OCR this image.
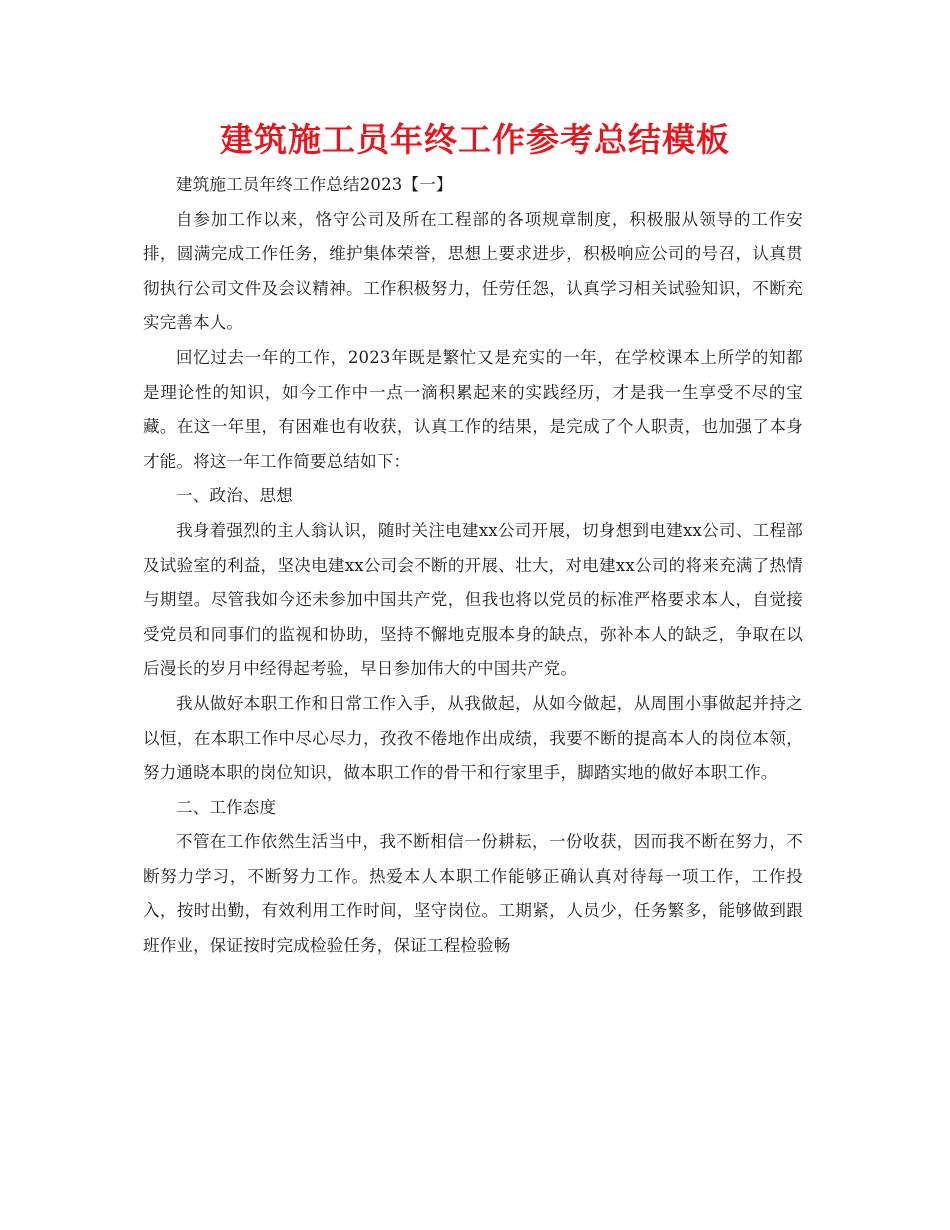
建筑施工员年终工作参考总结模板

建筑施工员年终工作总结2023【一】

自参加工作以来，恪守公司及所在工程部的各项规章制度，积极服从领导的工作安排，圆满完成工作任务，维护集体荣誉，思想上要求进步，积极响应公司的号召，认真贯彻执行公司文件及会议精神。工作积极努力，任劳任怨，认真学习相关试验知识，不断充实完善本人。

回忆过去一年的工作，2023年既是繁忙又是充实的一年，在学校课本上所学的知都是理论性的知识，如今工作中一点一滴积累起来的实践经历，才是我一生享受不尽的宝藏。在这一年里，有困难也有收获，认真工作的结果，是完成了个人职责，也加强了本身才能。将这一年工作简要总结如下：

一、政治、思想

我身着强烈的主人翁认识，随时关注电建xx公司开展，切身想到电建xx公司、工程部及试验室的利益，坚决电建xx公司会不断的开展、壮大，对电建xx公司的将来充满了热情与期望。尽管我如今还未参加中国共产党，但我也将以党员的标准严格要求本人，自觉接受党员和同事们的监视和协助，坚持不懈地克服本身的缺点，弥补本人的缺乏，争取在以后漫长的岁月中经得起考验，早日参加伟大的中国共产党。

我从做好本职工作和日常工作入手，从我做起，从如今做起，从周围小事做起并持之以恒，在本职工作中尽心尽力，孜孜不倦地作出成绩，我要不断的提高本人的岗位本领，努力通晓本职的岗位知识，做本职工作的骨干和行家里手，脚踏实地的做好本职工作。

二、工作态度

不管在工作依然生活当中，我不断相信一份耕耘，一份收获，因而我不断在努力，不断努力学习，不断努力工作。热爱本人本职工作能够正确认真对待每一项工作，工作投入，按时出勤，有效利用工作时间，坚守岗位。工期紧，人员少，任务繁多，能够做到跟班作业，保证按时完成检验任务，保证工程检验畅
